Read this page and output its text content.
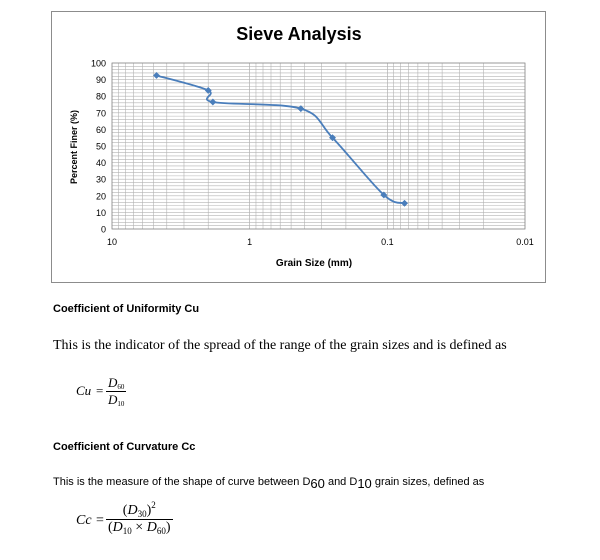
Sieve Analysis
0
10
20
30
40
50
60
70
80
90
100
10	1	0.1	0.01
Grain Size (mm)
Percent Finer (%)
Coefficient of Uniformity Cu
This is the indicator of the spread of the range of the grain sizes and is defined as
$Cu = \frac{D60}{D10}$
Coefficient of Curvature Cc
This is the measure of the shape of curve between $D_{60}$ and $D_{10}$ grain sizes, defined as
$Cc = \frac{(D_{30})^2}{(D_{10} \times D_{60})}$
